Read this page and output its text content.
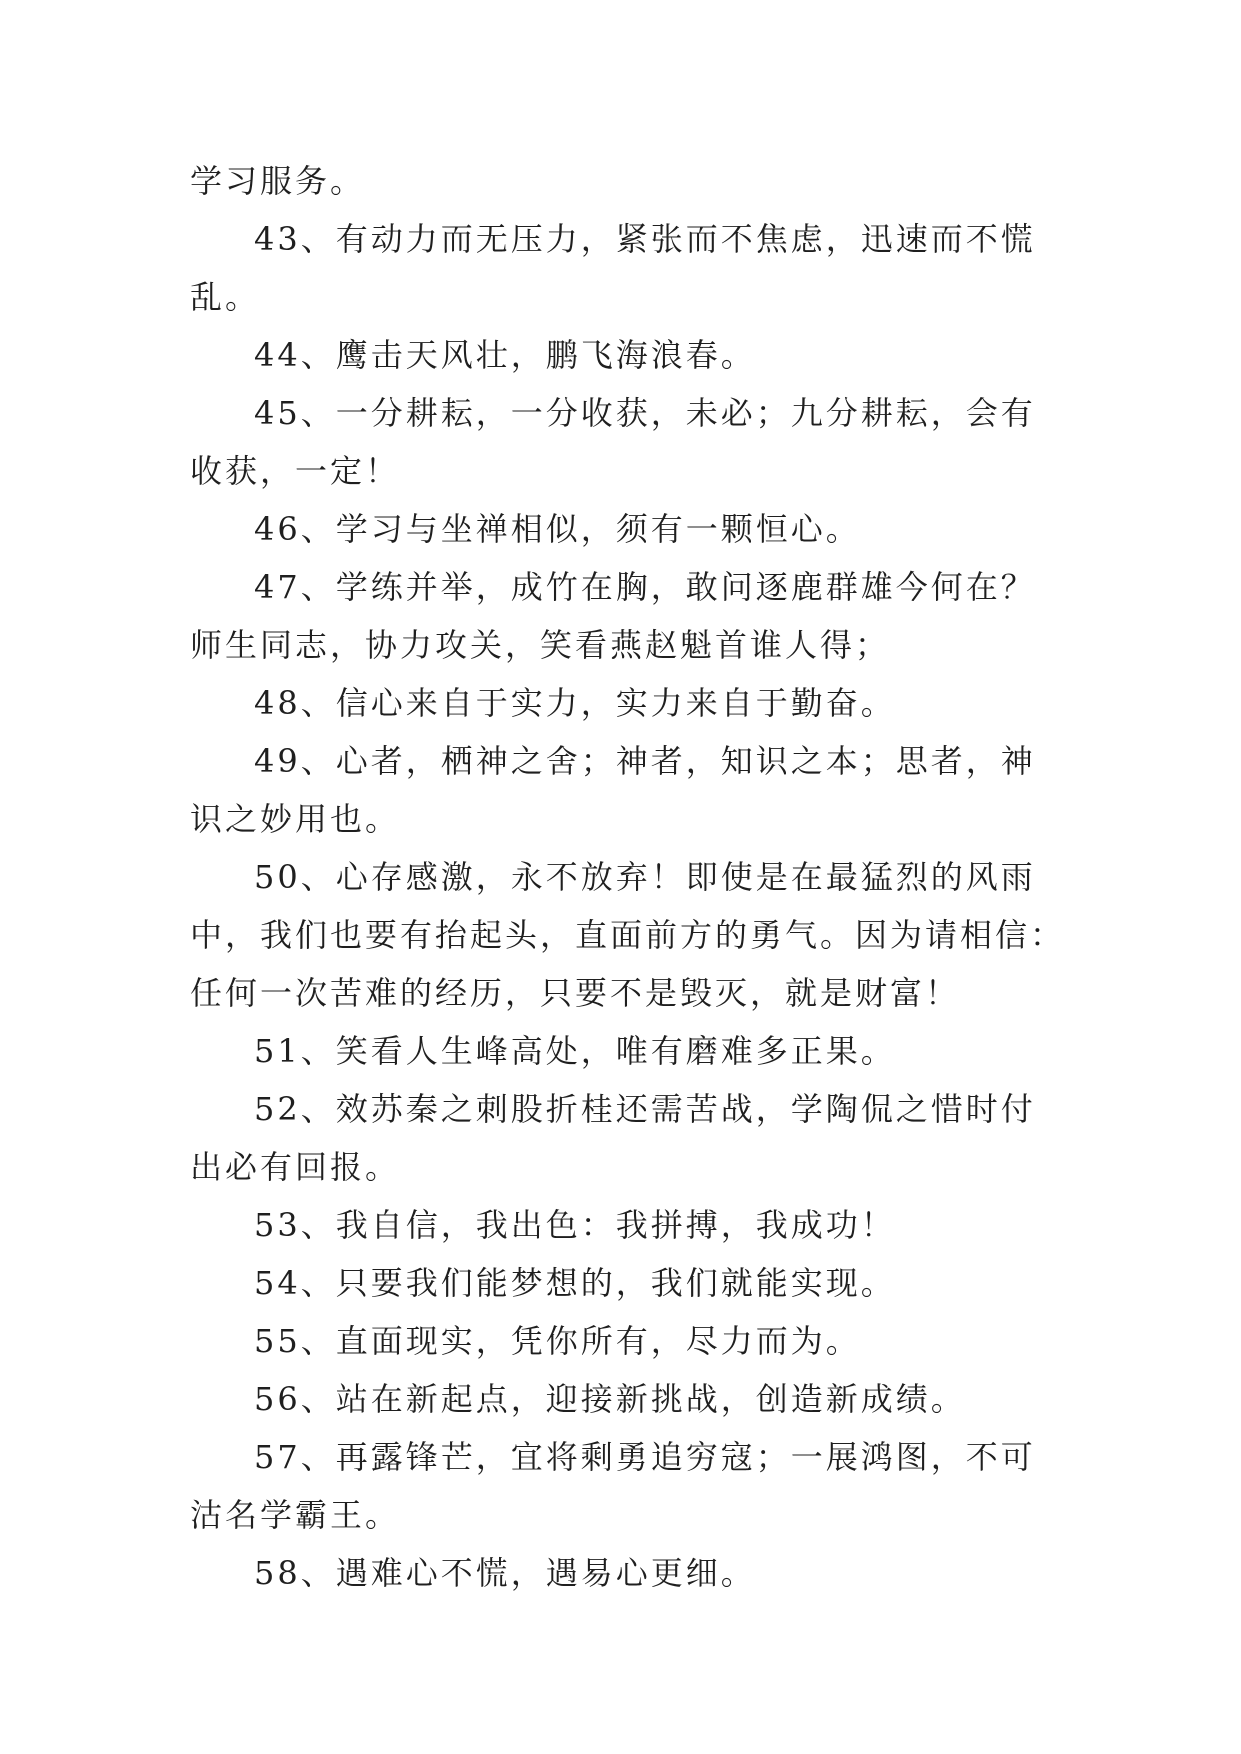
学习服务。

43、有动力而无压力，紧张而不焦虑，迅速而不慌乱。

44、鹰击天风壮，鹏飞海浪春。

45、一分耕耘，一分收获，未必；九分耕耘，会有收获，一定！

46、学习与坐禅相似，须有一颗恒心。

47、学练并举，成竹在胸，敢问逐鹿群雄今何在？师生同志，协力攻关，笑看燕赵魁首谁人得；

48、信心来自于实力，实力来自于勤奋。

49、心者，栖神之舍；神者，知识之本；思者，神识之妙用也。

50、心存感激，永不放弃！即使是在最猛烈的风雨中，我们也要有抬起头，直面前方的勇气。因为请相信：任何一次苦难的经历，只要不是毁灭，就是财富！

51、笑看人生峰高处，唯有磨难多正果。

52、效苏秦之刺股折桂还需苦战，学陶侃之惜时付出必有回报。

53、我自信，我出色：我拼搏，我成功！

54、只要我们能梦想的，我们就能实现。

55、直面现实，凭你所有，尽力而为。

56、站在新起点，迎接新挑战，创造新成绩。

57、再露锋芒，宜将剩勇追穷寇；一展鸿图，不可沽名学霸王。

58、遇难心不慌，遇易心更细。
